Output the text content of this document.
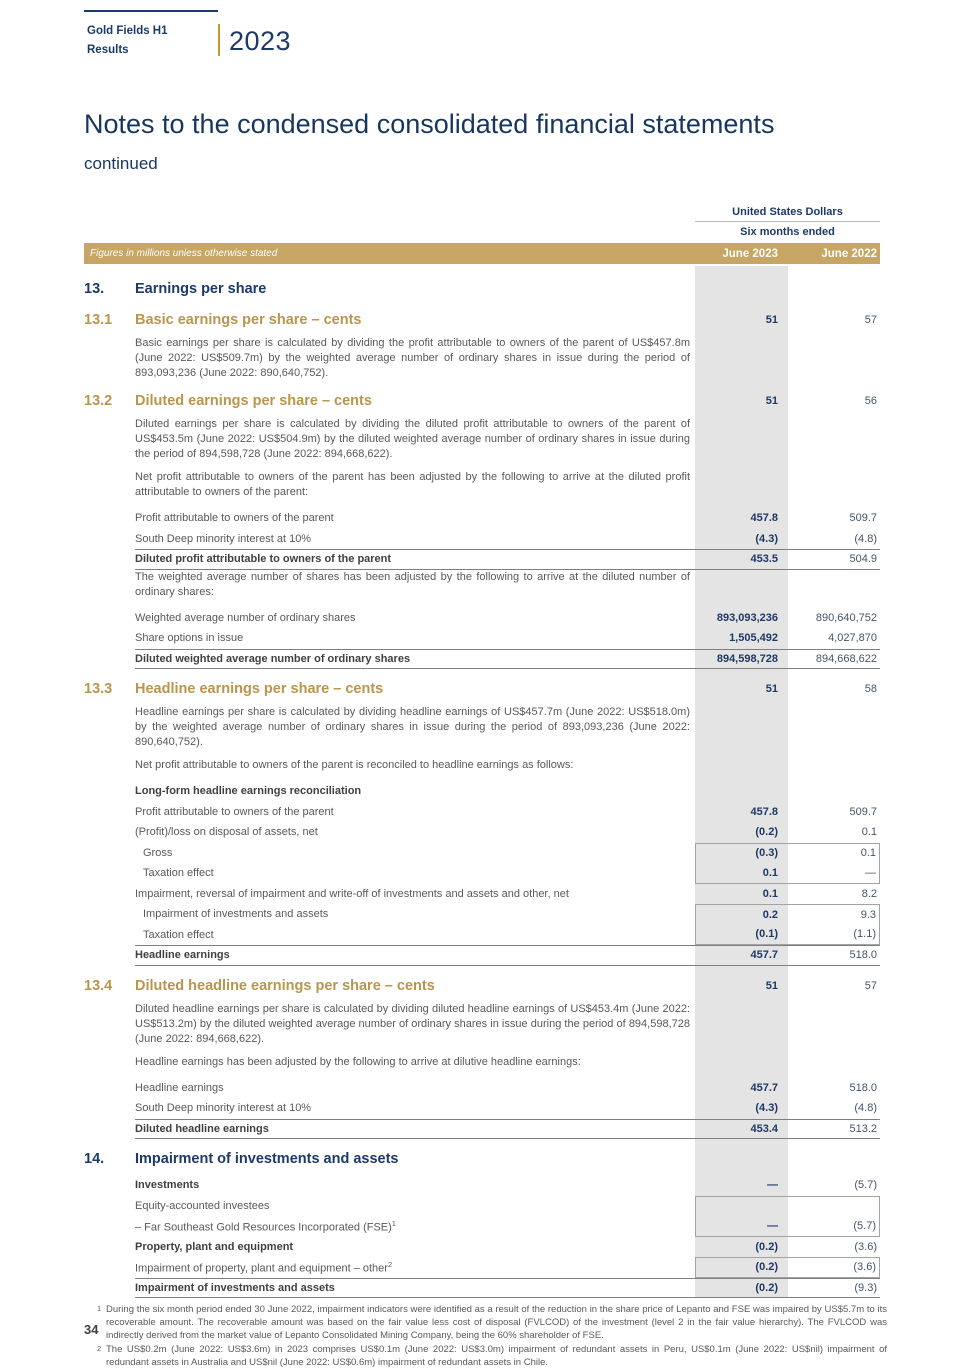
Gold Fields H1
Results	2023
Notes to the condensed consolidated financial statements continued
United States Dollars
Six months ended
Figures in millions unless otherwise stated	June 2023	June 2022
13.	Earnings per share
13.1	Basic earnings per share – cents	51	57
Basic earnings per share is calculated by dividing the profit attributable to owners of the parent of US$457.8m (June 2022: US$509.7m) by the weighted average number of ordinary shares in issue during the period of 893,093,236 (June 2022: 890,640,752).
13.2	Diluted earnings per share – cents	51	56
Diluted earnings per share is calculated by dividing the diluted profit attributable to owners of the parent of US$453.5m (June 2022: US$504.9m) by the diluted weighted average number of ordinary shares in issue during the period of 894,598,728 (June 2022: 894,668,622).
Net profit attributable to owners of the parent has been adjusted by the following to arrive at the diluted profit attributable to owners of the parent:
Profit attributable to owners of the parent	457.8	509.7
South Deep minority interest at 10%	(4.3)	(4.8)
Diluted profit attributable to owners of the parent	453.5	504.9
The weighted average number of shares has been adjusted by the following to arrive at the diluted number of ordinary shares:
Weighted average number of ordinary shares	893,093,236	890,640,752
Share options in issue	1,505,492	4,027,870
Diluted weighted average number of ordinary shares	894,598,728	894,668,622
13.3	Headline earnings per share – cents	51	58
Headline earnings per share is calculated by dividing headline earnings of US$457.7m (June 2022: US$518.0m) by the weighted average number of ordinary shares in issue during the period of 893,093,236 (June 2022: 890,640,752).
Net profit attributable to owners of the parent is reconciled to headline earnings as follows:
Long-form headline earnings reconciliation
Profit attributable to owners of the parent	457.8	509.7
(Profit)/loss on disposal of assets, net	(0.2)	0.1
Gross	(0.3)	0.1
Taxation effect	0.1	—
Impairment, reversal of impairment and write-off of investments and assets and other, net	0.1	8.2
Impairment of investments and assets	0.2	9.3
Taxation effect	(0.1)	(1.1)
Headline earnings	457.7	518.0
13.4	Diluted headline earnings per share – cents	51	57
Diluted headline earnings per share is calculated by dividing diluted headline earnings of US$453.4m (June 2022: US$513.2m) by the diluted weighted average number of ordinary shares in issue during the period of 894,598,728 (June 2022: 894,668,622).
Headline earnings has been adjusted by the following to arrive at dilutive headline earnings:
Headline earnings	457.7	518.0
South Deep minority interest at 10%	(4.3)	(4.8)
Diluted headline earnings	453.4	513.2
14.	Impairment of investments and assets
Investments	—	(5.7)
Equity-accounted investees
– Far Southeast Gold Resources Incorporated (FSE)$^1$	—	(5.7)
Property, plant and equipment	(0.2)	(3.6)
Impairment of property, plant and equipment – other$^2$	(0.2)	(3.6)
Impairment of investments and assets	(0.2)	(9.3)
1 During the six month period ended 30 June 2022, impairment indicators were identified as a result of the reduction in the share price of Lepanto and FSE was impaired by US$5.7m to its recoverable amount. The recoverable amount was based on the fair value less cost of disposal (FVLCOD) of the investment (level 2 in the fair value hierarchy). The FVLCOD was indirectly derived from the market value of Lepanto Consolidated Mining Company, being the 60% shareholder of FSE.
2 The US$0.2m (June 2022: US$3.6m) in 2023 comprises US$0.1m (June 2022: US$3.0m) impairment of redundant assets in Peru, US$0.1m (June 2022: US$nil) impairment of redundant assets in Australia and US$nil (June 2022: US$0.6m) impairment of redundant assets in Chile.
34
